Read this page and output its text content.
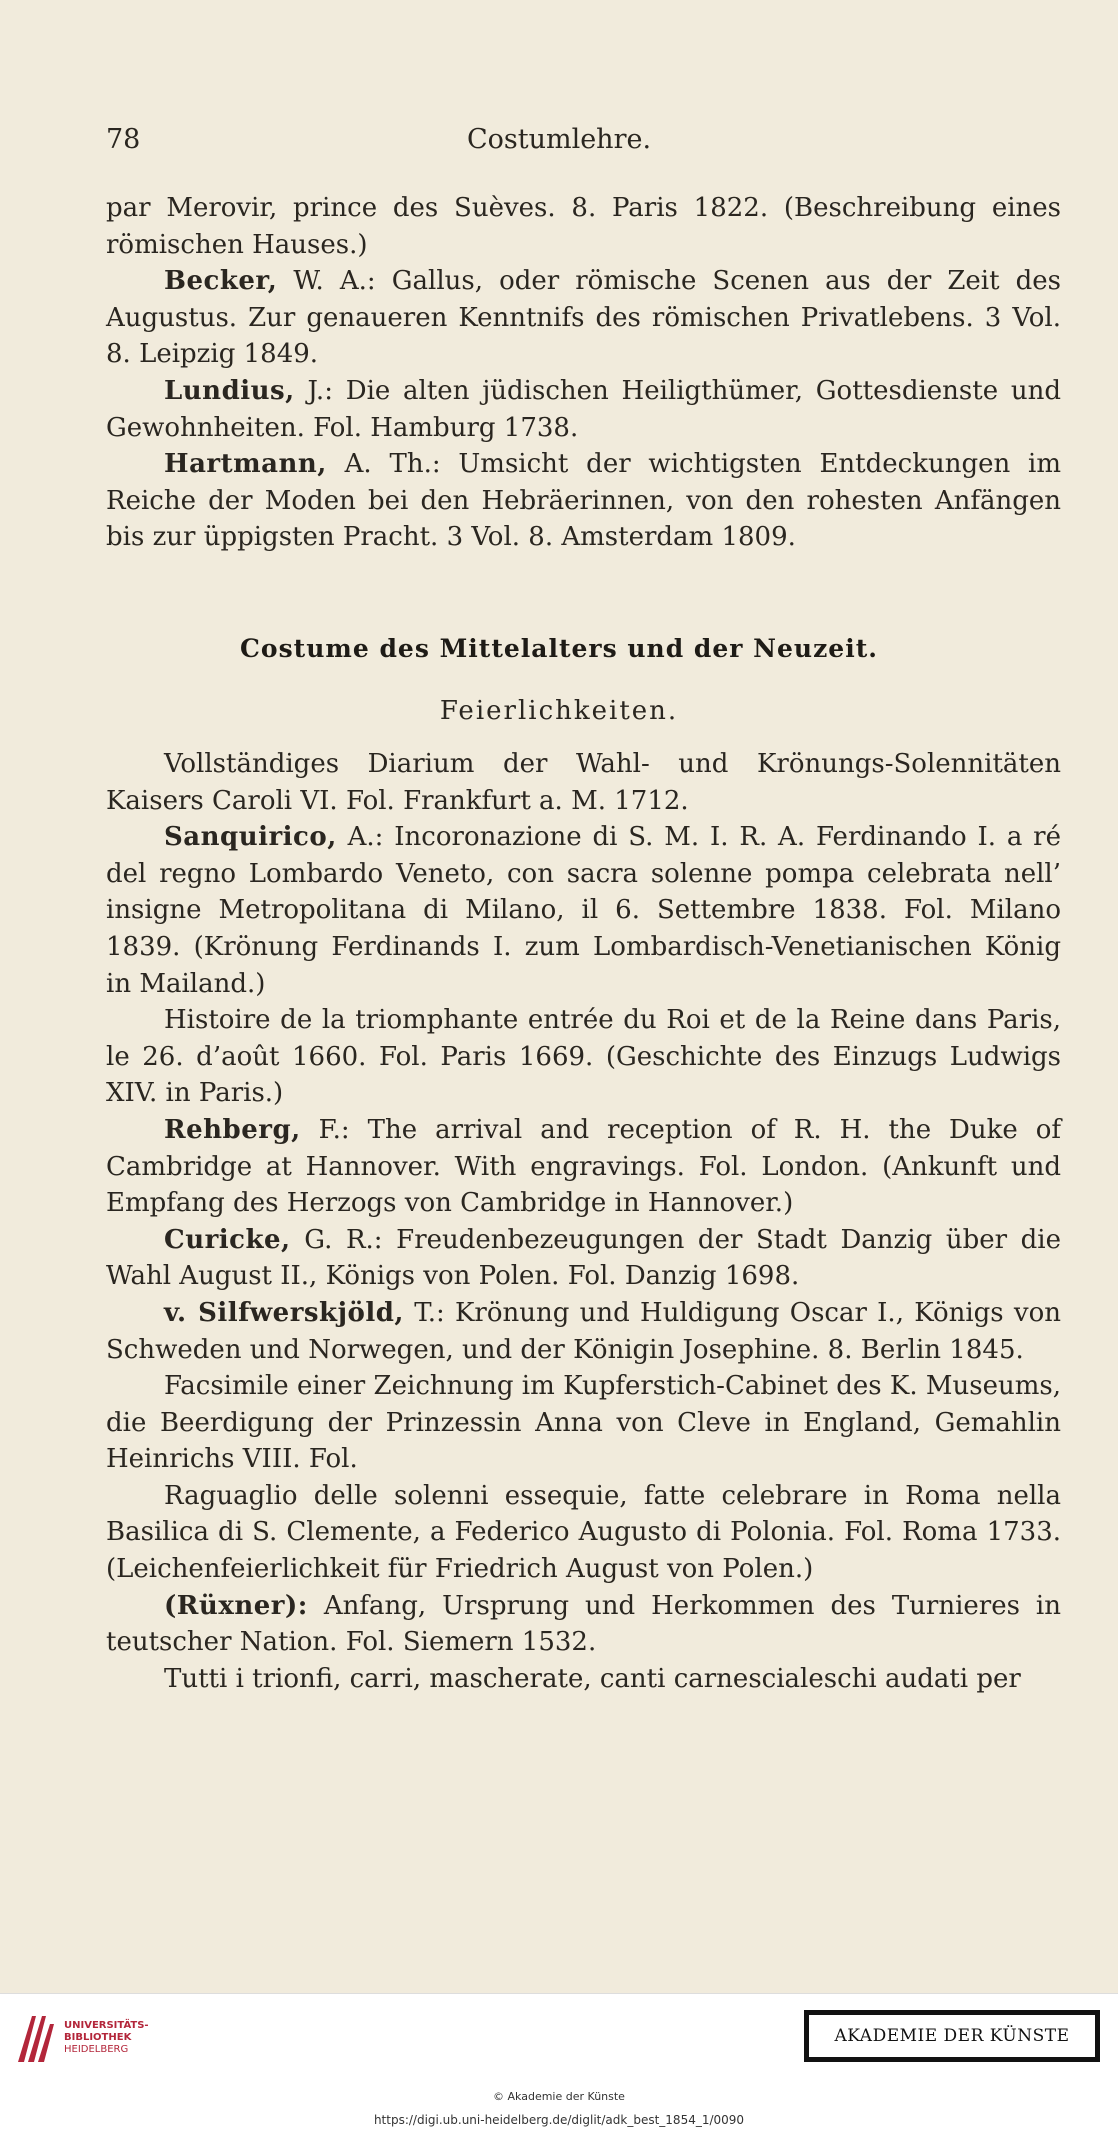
78	Costumlehre.

par Merovir, prince des Suèves. 8. Paris 1822. (Beschreibung eines römischen Hauses.)

Becker, W. A.: Gallus, oder römische Scenen aus der Zeit des Augustus. Zur genaueren Kenntnifs des römischen Privatlebens. 3 Vol. 8. Leipzig 1849.

Lundius, J.: Die alten jüdischen Heiligthümer, Gottesdienste und Gewohnheiten. Fol. Hamburg 1738.

Hartmann, A. Th.: Umsicht der wichtigsten Entdeckungen im Reiche der Moden bei den Hebräerinnen, von den rohesten Anfängen bis zur üppigsten Pracht. 3 Vol. 8. Amsterdam 1809.

Costume des Mittelalters und der Neuzeit.
Feierlichkeiten.

Vollständiges Diarium der Wahl- und Krönungs-Solennitäten Kaisers Caroli VI. Fol. Frankfurt a. M. 1712.

Sanquirico, A.: Incoronazione di S. M. I. R. A. Ferdinando I. a ré del regno Lombardo Veneto, con sacra solenne pompa celebrata nell’ insigne Metropolitana di Milano, il 6. Settembre 1838. Fol. Milano 1839. (Krönung Ferdinands I. zum Lombardisch-Venetianischen König in Mailand.)

Histoire de la triomphante entrée du Roi et de la Reine dans Paris, le 26. d’août 1660. Fol. Paris 1669. (Geschichte des Einzugs Ludwigs XIV. in Paris.)

Rehberg, F.: The arrival and reception of R. H. the Duke of Cambridge at Hannover. With engravings. Fol. London. (Ankunft und Empfang des Herzogs von Cambridge in Hannover.)

Curicke, G. R.: Freudenbezeugungen der Stadt Danzig über die Wahl August II., Königs von Polen. Fol. Danzig 1698.

v. Silfwerskjöld, T.: Krönung und Huldigung Oscar I., Königs von Schweden und Norwegen, und der Königin Josephine. 8. Berlin 1845.

Facsimile einer Zeichnung im Kupferstich-Cabinet des K. Museums, die Beerdigung der Prinzessin Anna von Cleve in England, Gemahlin Heinrichs VIII. Fol.

Raguaglio delle solenni essequie, fatte celebrare in Roma nella Basilica di S. Clemente, a Federico Augusto di Polonia. Fol. Roma 1733. (Leichenfeierlichkeit für Friedrich August von Polen.)

(Rüxner): Anfang, Ursprung und Herkommen des Turnieres in teutscher Nation. Fol. Siemern 1532.

Tutti i trionfi, carri, mascherate, canti carnescialeschi audati per

UNIVERSITÄTS-
BIBLIOTHEK
HEIDELBERG
AKADEMIE DER KÜNSTE
© Akademie der Künste
https://digi.ub.uni-heidelberg.de/diglit/adk_best_1854_1/0090
